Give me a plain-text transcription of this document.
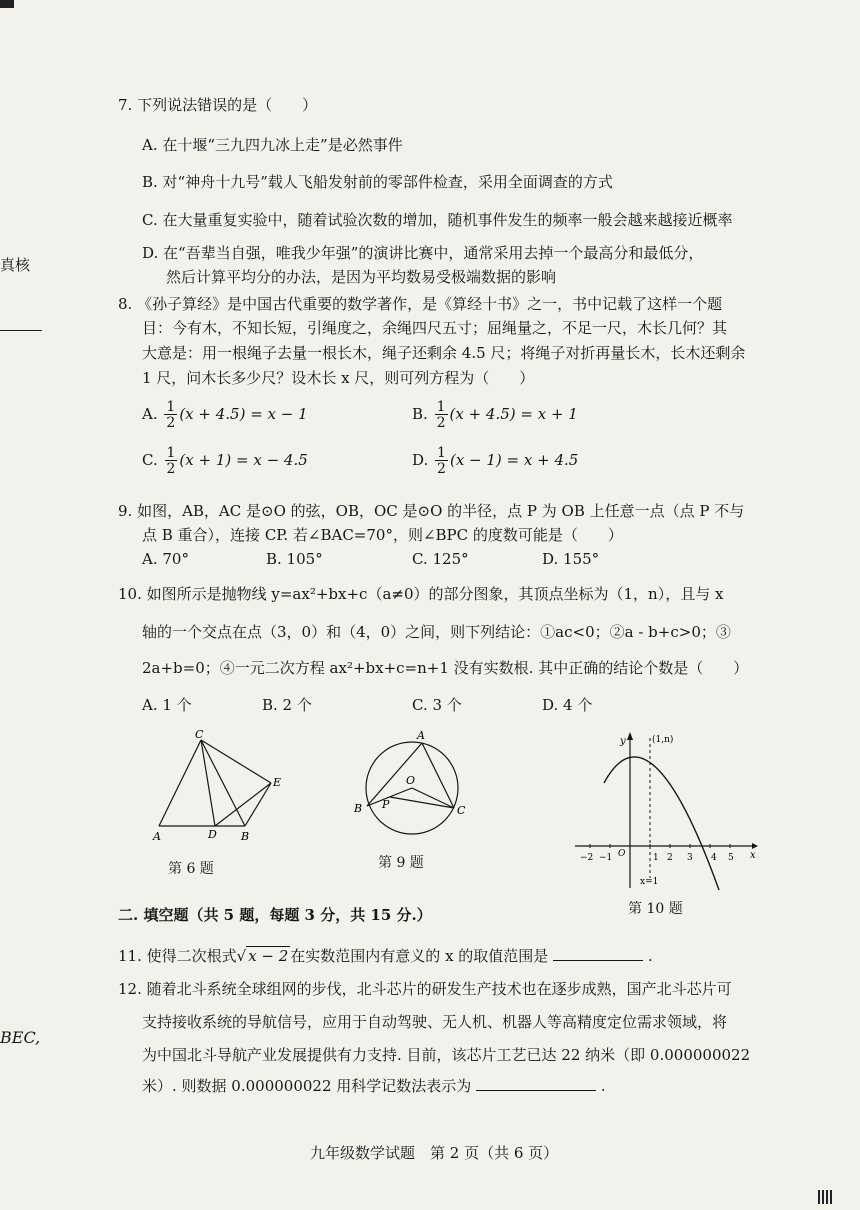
真核
BEC,
7. 下列说法错误的是（　　）
A. 在十堰“三九四九冰上走”是必然事件
B. 对“神舟十九号”载人飞船发射前的零部件检查，采用全面调查的方式
C. 在大量重复实验中，随着试验次数的增加，随机事件发生的频率一般会越来越接近概率
D. 在“吾辈当自强，唯我少年强”的演讲比赛中，通常采用去掉一个最高分和最低分，
然后计算平均分的办法，是因为平均数易受极端数据的影响
8. 《孙子算经》是中国古代重要的数学著作，是《算经十书》之一，书中记载了这样一个题
目：今有木，不知长短，引绳度之，余绳四尺五寸；屈绳量之，不足一尺，木长几何？其
大意是：用一根绳子去量一根长木，绳子还剩余 4.5 尺；将绳子对折再量长木，长木还剩余
1 尺，问木长多少尺？设木长 x 尺，则可列方程为（　　）
A. $\frac{1}{2} (x + 4.5) = x - 1$	B. $\frac{1}{2} (x + 4.5) = x + 1$
C. $\frac{1}{2} (x + 1) = x - 4.5$	D. $\frac{1}{2} (x - 1) = x + 4.5$
9. 如图，AB，AC 是⊙O 的弦，OB，OC 是⊙O 的半径，点 P 为 OB 上任意一点（点 P 不与
点 B 重合），连接 CP. 若∠BAC=70°，则∠BPC 的度数可能是（　　）
A. 70°	B. 105°	C. 125°	D. 155°
10. 如图所示是抛物线 y=ax²+bx+c（a≠0）的部分图象，其顶点坐标为（1，n），且与 x
轴的一个交点在点（3，0）和（4，0）之间，则下列结论：①ac<0；②a - b+c>0；③
2a+b=0；④一元二次方程 ax²+bx+c=n+1 没有实数根. 其中正确的结论个数是（　　）
A. 1 个	B. 2 个	C. 3 个	D. 4 个
C
E
A	D B
第 6 题
A
O
B P	C
第 9 题	−2 −1 O	1 2 3 4 5 x
y	(1,n)
x=1
第 10 题
二. 填空题（共 5 题，每题 3 分，共 15 分.）
11. 使得二次根式√ x − 2 在实数范围内有意义的 x 的取值范围是	.
12. 随着北斗系统全球组网的步伐，北斗芯片的研发生产技术也在逐步成熟，国产北斗芯片可
支持接收系统的导航信号，应用于自动驾驶、无人机、机器人等高精度定位需求领域，将
为中国北斗导航产业发展提供有力支持. 目前，该芯片工艺已达 22 纳米（即 0.000000022
米）. 则数据 0.000000022 用科学记数法表示为	.
九年级数学试题　第 2 页（共 6 页）
